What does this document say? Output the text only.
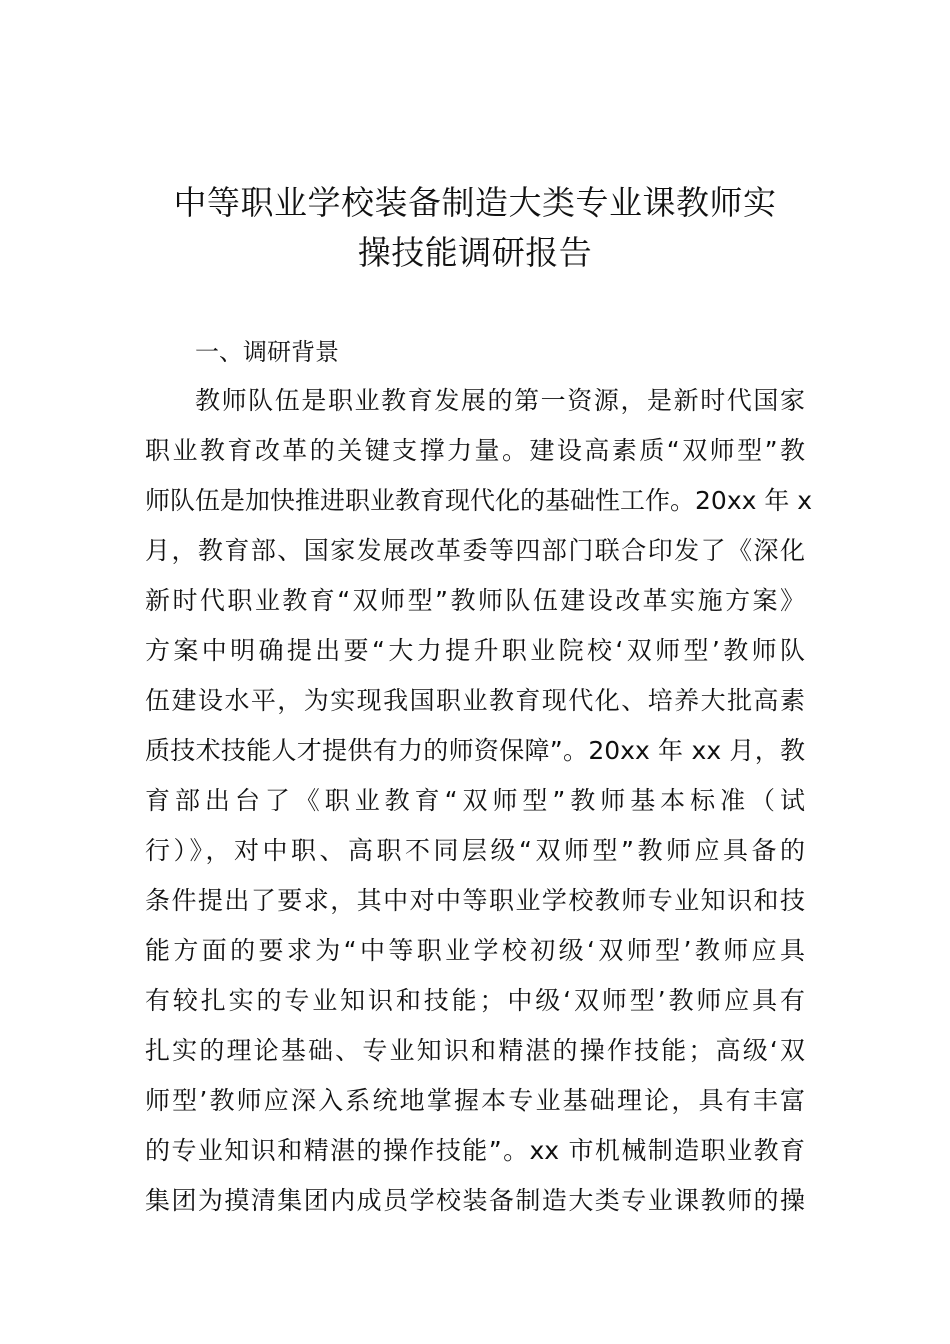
中等职业学校装备制造大类专业课教师实
操技能调研报告
一、调研背景

教师队伍是职业教育发展的第一资源，是新时代国家

职业教育改革的关键支撑力量。建设高素质“双师型”教

师队伍是加快推进职业教育现代化的基础性工作。20xx 年 x

月，教育部、国家发展改革委等四部门联合印发了《深化

新时代职业教育“双师型”教师队伍建设改革实施方案》

方案中明确提出要“大力提升职业院校‘双师型’教师队

伍建设水平，为实现我国职业教育现代化、培养大批高素

质技术技能人才提供有力的师资保障”。20xx 年 xx 月，教

育部出台了《职业教育“双师型”教师基本标准（试

行）》，对中职、高职不同层级“双师型”教师应具备的

条件提出了要求，其中对中等职业学校教师专业知识和技

能方面的要求为“中等职业学校初级‘双师型’教师应具

有较扎实的专业知识和技能；中级‘双师型’教师应具有

扎实的理论基础、专业知识和精湛的操作技能；高级‘双

师型’教师应深入系统地掌握本专业基础理论，具有丰富

的专业知识和精湛的操作技能”。xx 市机械制造职业教育

集团为摸清集团内成员学校装备制造大类专业课教师的操
